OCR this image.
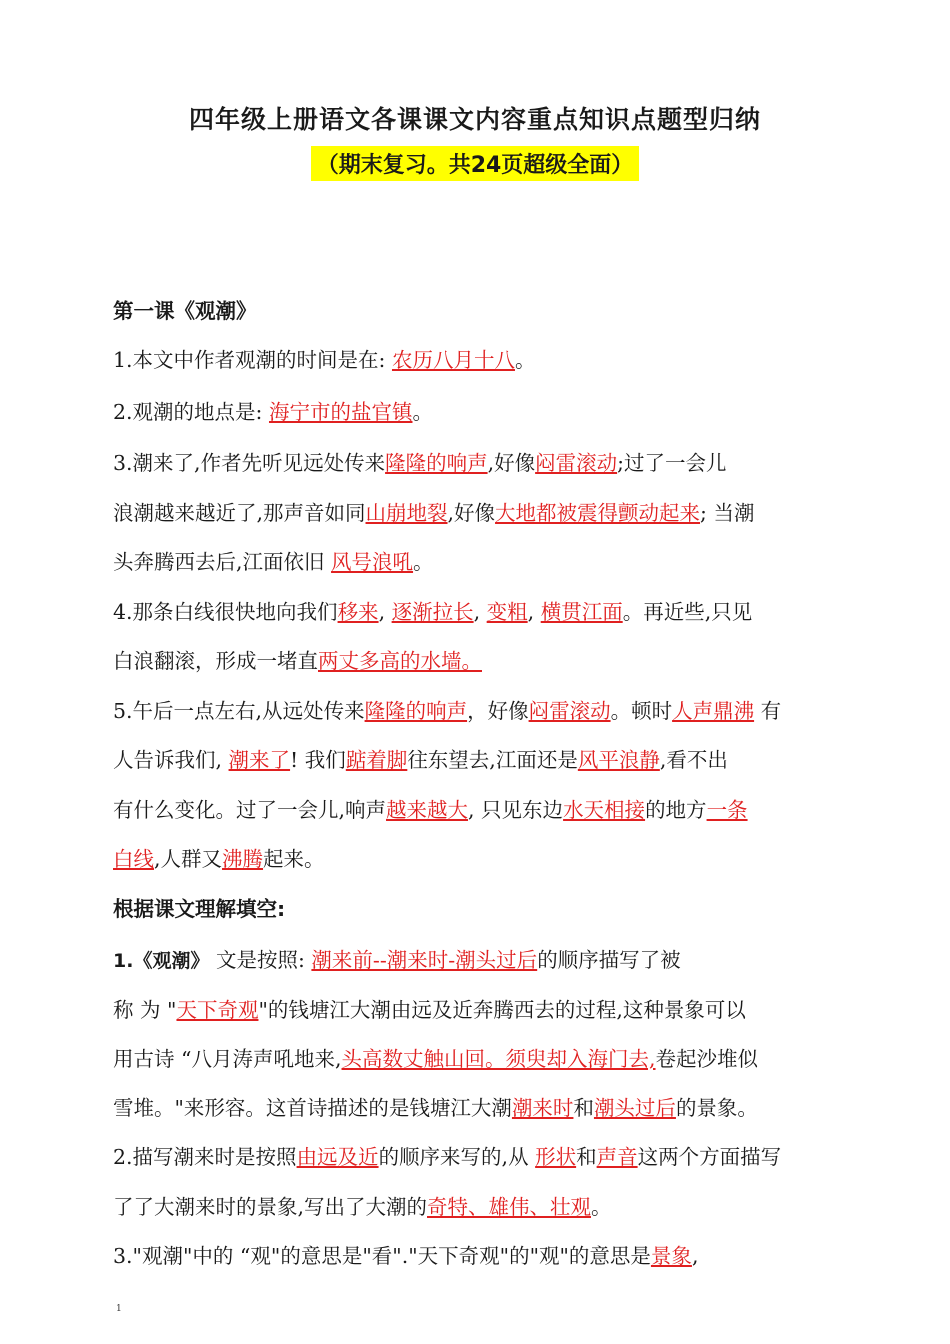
四年级上册语文各课课文内容重点知识点题型归纳
（期末复习。共24页超级全面）
第一课《观潮》
1.本文中作者观潮的时间是在: 农历八月十八。
2.观潮的地点是: 海宁市的盐官镇。
3.潮来了,作者先听见远处传来隆隆的响声,好像闷雷滚动;过了一会儿
浪潮越来越近了,那声音如同山崩地裂,好像大地都被震得颤动起来; 当潮
头奔腾西去后,江面依旧 风号浪吼。
4.那条白线很快地向我们移来, 逐渐拉长, 变粗, 横贯江面。再近些,只见
白浪翻滚，形成一堵直两丈多高的水墙。
5.午后一点左右,从远处传来隆隆的响声，好像闷雷滚动。顿时人声鼎沸 有
人告诉我们, 潮来了! 我们踮着脚往东望去,江面还是风平浪静,看不出
有什么变化。过了一会儿,响声越来越大, 只见东边水天相接的地方一条
白线,人群又沸腾起来。
根据课文理解填空:
1.《观潮》 文是按照: 潮来前--潮来时-潮头过后的顺序描写了被
称 为 "天下奇观"的钱塘江大潮由远及近奔腾西去的过程,这种景象可以
用古诗 “八月涛声吼地来,头高数丈触山回。须臾却入海门去,卷起沙堆似
雪堆。"来形容。这首诗描述的是钱塘江大潮潮来时和潮头过后的景象。
2.描写潮来时是按照由远及近的顺序来写的,从 形状和声音这两个方面描写
了了大潮来时的景象,写出了大潮的奇特、雄伟、壮观。
3."观潮"中的 “观"的意思是"看"."天下奇观"的"观"的意思是景象,
1
